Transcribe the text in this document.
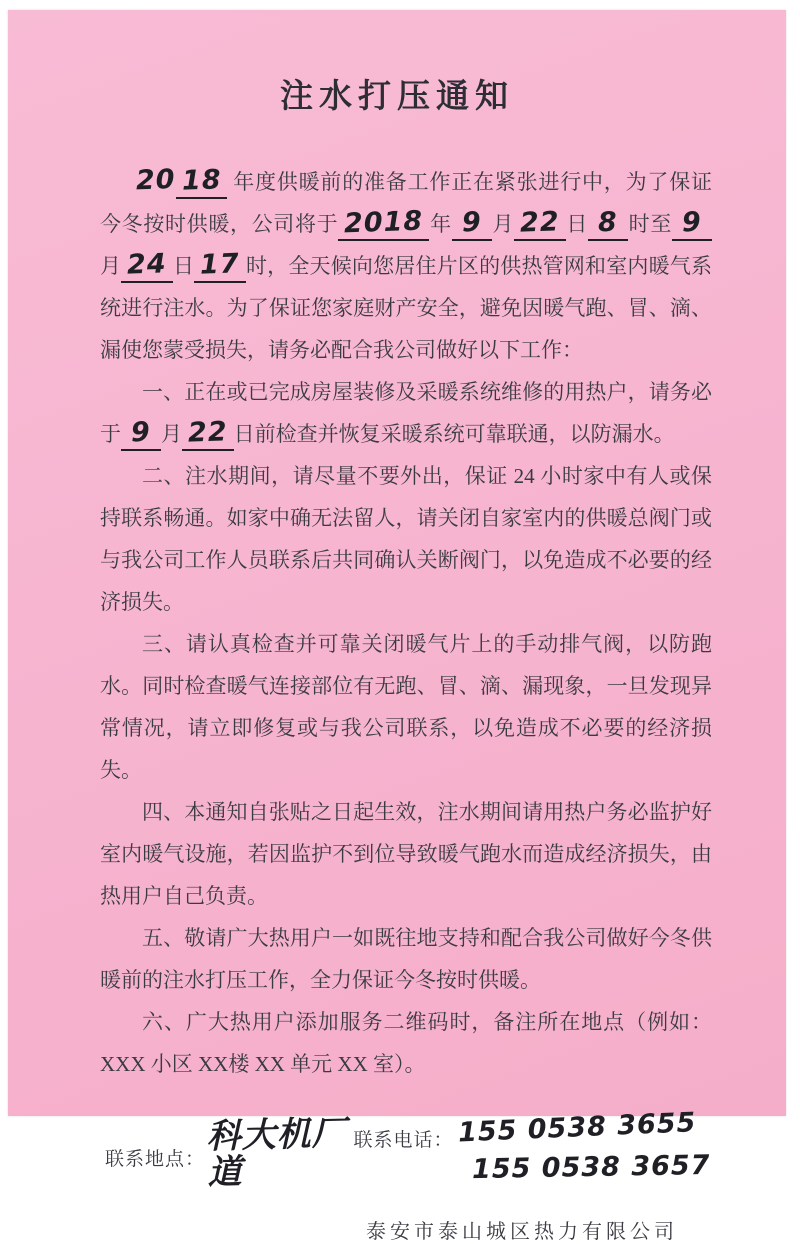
注水打压通知

20 18 年度供暖前的准备工作正在紧张进行中，为了保证今冬按时供暖，公司将于 2018 年 9 月 22 日 8 时至 9月 24 日 17 时，全天候向您居住片区的供热管网和室内暖气系统进行注水。为了保证您家庭财产安全，避免因暖气跑、冒、滴、漏使您蒙受损失，请务必配合我公司做好以下工作：

一、正在或已完成房屋装修及采暖系统维修的用热户，请务必于 9 月 22 日前检查并恢复采暖系统可靠联通，以防漏水。

二、注水期间，请尽量不要外出，保证 24 小时家中有人或保持联系畅通。如家中确无法留人，请关闭自家室内的供暖总阀门或与我公司工作人员联系后共同确认关断阀门，以免造成不必要的经济损失。

三、请认真检查并可靠关闭暖气片上的手动排气阀，以防跑水。同时检查暖气连接部位有无跑、冒、滴、漏现象，一旦发现异常情况，请立即修复或与我公司联系，以免造成不必要的经济损失。

四、本通知自张贴之日起生效，注水期间请用热户务必监护好室内暖气设施，若因监护不到位导致暖气跑水而造成经济损失，由热用户自己负责。

五、敬请广大热用户一如既往地支持和配合我公司做好今冬供暖前的注水打压工作，全力保证今冬按时供暖。

六、广大热用户添加服务二维码时，备注所在地点（例如：XXX 小区 XX楼 XX 单元 XX 室）。

联系地点：
科大机厂道
联系电话： 155 0538 3655
155 0538 3657
泰安市泰山城区热力有限公司
